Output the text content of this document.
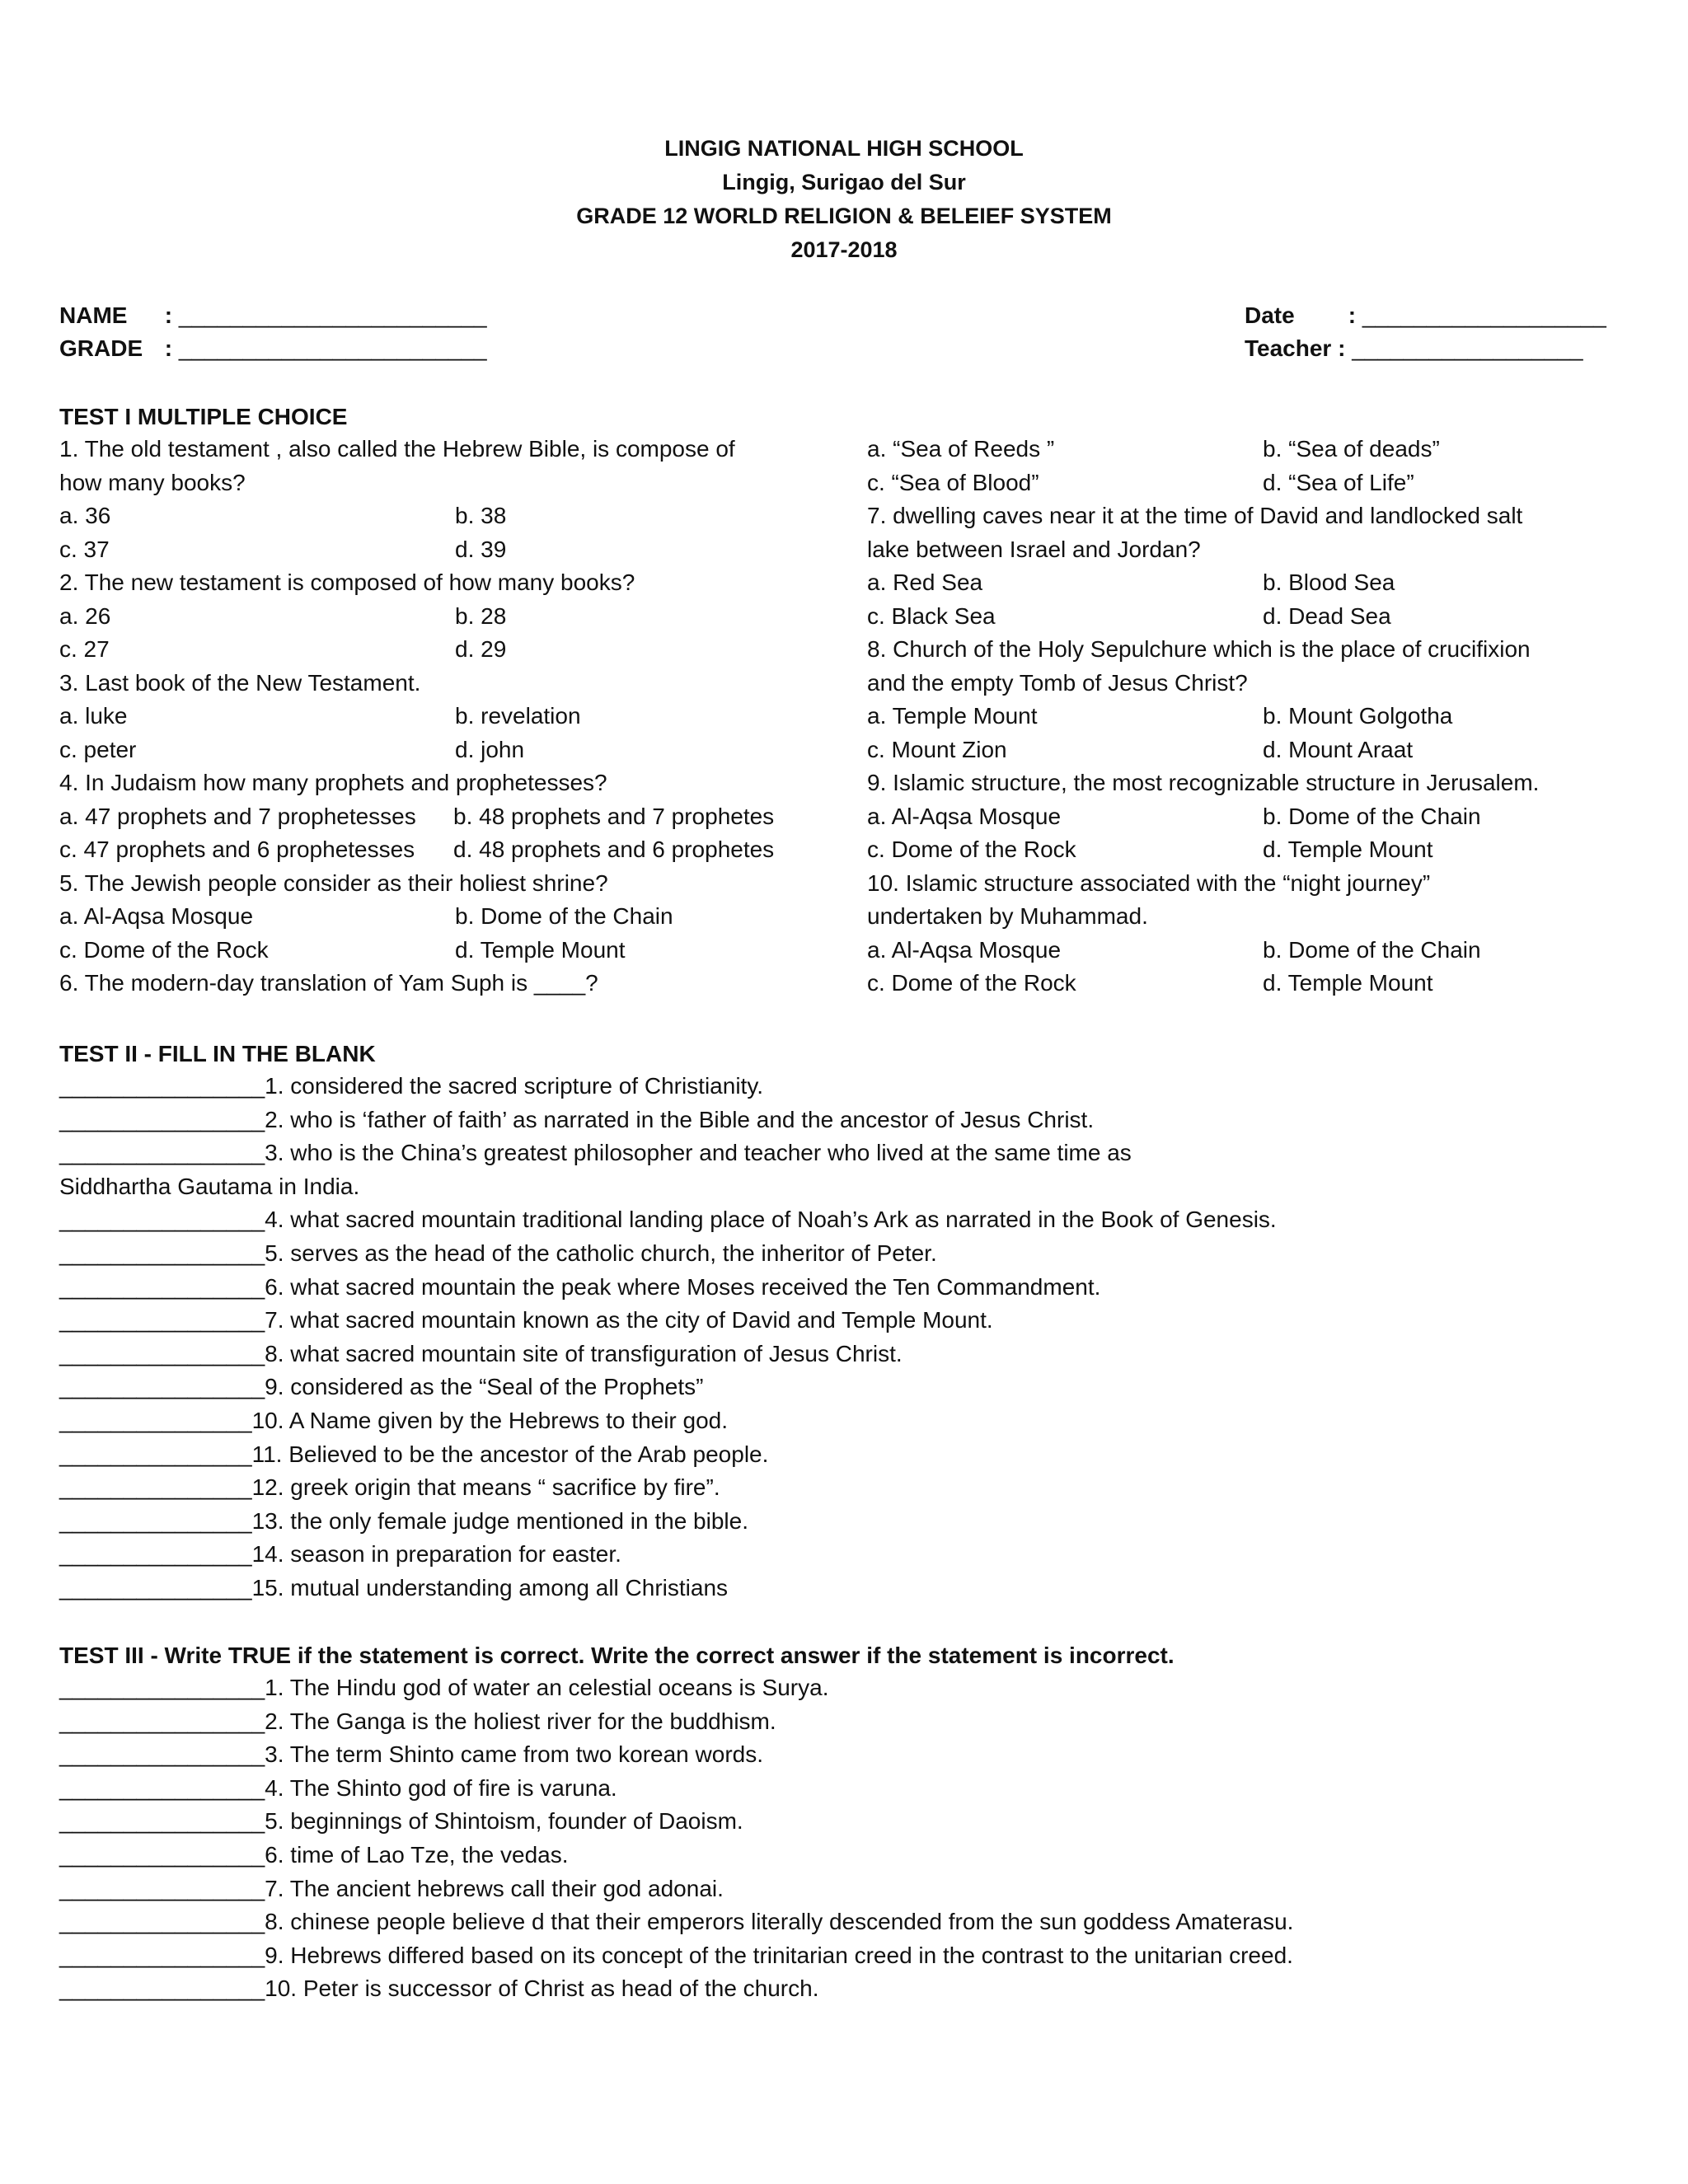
LINGIG NATIONAL HIGH SCHOOL
Lingig, Surigao del Sur
GRADE 12 WORLD RELIGION & BELEIEF SYSTEM
2017-2018
NAME : ________________________
GRADE : ________________________
Date : ___________________
Teacher : __________________
TEST I MULTIPLE CHOICE
1. The old testament , also called the Hebrew Bible, is compose of
how many books?
a. 36	b. 38
c. 37	d. 39
2. The new testament is composed of how many books?
a. 26	b. 28
c. 27	d. 29
3. Last book of the New Testament.
a. luke	b. revelation
c. peter	d. john
4. In Judaism how many prophets and prophetesses?
a. 47 prophets and 7 prophetesses b. 48 prophets and 7 prophetes
c. 47 prophets and 6 prophetesses d. 48 prophets and 6 prophetes
5. The Jewish people consider as their holiest shrine?
a. Al-Aqsa Mosque	b. Dome of the Chain
c. Dome of the Rock	d. Temple Mount
6. The modern-day translation of Yam Suph is ____?
a. “Sea of Reeds ”	b. “Sea of deads”
c. “Sea of Blood”	d. “Sea of Life”
7. dwelling caves near it at the time of David and landlocked salt
lake between Israel and Jordan?
a. Red Sea	b. Blood Sea
c. Black Sea	d. Dead Sea
8. Church of the Holy Sepulchure which is the place of crucifixion
and the empty Tomb of Jesus Christ?
a. Temple Mount	b. Mount Golgotha
c. Mount Zion	d. Mount Araat
9. Islamic structure, the most recognizable structure in Jerusalem.
a. Al-Aqsa Mosque	b. Dome of the Chain
c. Dome of the Rock	d. Temple Mount
10. Islamic structure associated with the “night journey”
undertaken by Muhammad.
a. Al-Aqsa Mosque	b. Dome of the Chain
c. Dome of the Rock	d. Temple Mount
TEST II - FILL IN THE BLANK
________________1. considered the sacred scripture of Christianity.
________________2. who is ‘father of faith’ as narrated in the Bible and the ancestor of Jesus Christ.
________________3. who is the China’s greatest philosopher and teacher who lived at the same time as
Siddhartha Gautama in India.
________________4. what sacred mountain traditional landing place of Noah’s Ark as narrated in the Book of Genesis.
________________5. serves as the head of the catholic church, the inheritor of Peter.
________________6. what sacred mountain the peak where Moses received the Ten Commandment.
________________7. what sacred mountain known as the city of David and Temple Mount.
________________8. what sacred mountain site of transfiguration of Jesus Christ.
________________9. considered as the “Seal of the Prophets”
_______________10. A Name given by the Hebrews to their god.
_______________11. Believed to be the ancestor of the Arab people.
_______________12. greek origin that means “ sacrifice by fire”.
_______________13. the only female judge mentioned in the bible.
_______________14. season in preparation for easter.
_______________15. mutual understanding among all Christians
TEST III - Write TRUE if the statement is correct. Write the correct answer if the statement is incorrect.
________________1. The Hindu god of water an celestial oceans is Surya.
________________2. The Ganga is the holiest river for the buddhism.
________________3. The term Shinto came from two korean words.
________________4. The Shinto god of fire is varuna.
________________5. beginnings of Shintoism, founder of Daoism.
________________6. time of Lao Tze, the vedas.
________________7. The ancient hebrews call their god adonai.
________________8. chinese people believe d that their emperors literally descended from the sun goddess Amaterasu.
________________9. Hebrews differed based on its concept of the trinitarian creed in the contrast to the unitarian creed.
________________10. Peter is successor of Christ as head of the church.
